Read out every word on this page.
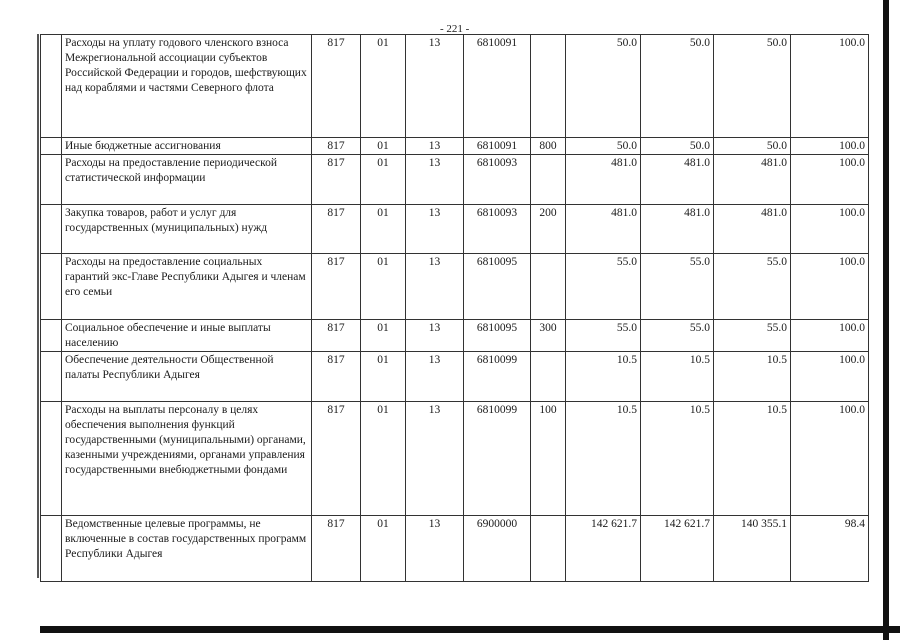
- 221 -
	Расходы на уплату годового членского взноса Межрегиональной ассоциации субъектов Российской Федерации и городов, шефствующих над кораблями и частями Северного флота	817	01	13	6810091		50.0	50.0	50.0	100.0
	Иные бюджетные ассигнования	817	01	13	6810091	800	50.0	50.0	50.0	100.0
	Расходы на предоставление периодической статистической информации	817	01	13	6810093		481.0	481.0	481.0	100.0
	Закупка товаров, работ и услуг для государственных (муниципальных) нужд	817	01	13	6810093	200	481.0	481.0	481.0	100.0
	Расходы на предоставление социальных гарантий экс-Главе Республики Адыгея и членам его семьи	817	01	13	6810095		55.0	55.0	55.0	100.0
	Социальное обеспечение и иные выплаты населению	817	01	13	6810095	300	55.0	55.0	55.0	100.0
	Обеспечение деятельности Общественной палаты Республики Адыгея	817	01	13	6810099		10.5	10.5	10.5	100.0
	Расходы на выплаты персоналу в целях обеспечения выполнения функций государственными (муниципальными) органами, казенными учреждениями, органами управления государственными внебюджетными фондами	817	01	13	6810099	100	10.5	10.5	10.5	100.0
	Ведомственные целевые программы, не включенные в состав государственных программ Республики Адыгея	817	01	13	6900000		142 621.7	142 621.7	140 355.1	98.4
